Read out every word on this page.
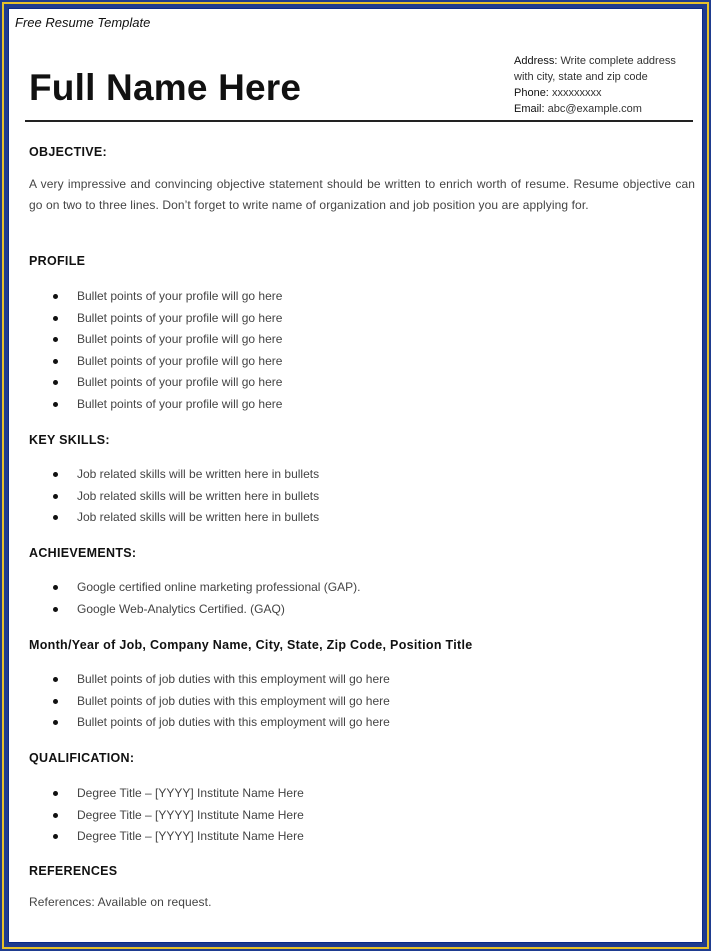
Free Resume Template
Full Name Here
Address: Write complete address
with city, state and zip code
Phone: xxxxxxxxx
Email: abc@example.com
OBJECTIVE:
A very impressive and convincing objective statement should be written to enrich worth of resume. Resume objective can go on two to three lines. Don’t forget to write name of organization and job position you are applying for.
PROFILE
Bullet points of your profile will go here
Bullet points of your profile will go here
Bullet points of your profile will go here
Bullet points of your profile will go here
Bullet points of your profile will go here
Bullet points of your profile will go here
KEY SKILLS:
Job related skills will be written here in bullets
Job related skills will be written here in bullets
Job related skills will be written here in bullets
ACHIEVEMENTS:
Google certified online marketing professional (GAP).
Google Web-Analytics Certified. (GAQ)
Month/Year of Job, Company Name, City, State, Zip Code, Position Title
Bullet points of job duties with this employment will go here
Bullet points of job duties with this employment will go here
Bullet points of job duties with this employment will go here
QUALIFICATION:
Degree Title – [YYYY] Institute Name Here
Degree Title – [YYYY] Institute Name Here
Degree Title – [YYYY] Institute Name Here
REFERENCES
References: Available on request.
